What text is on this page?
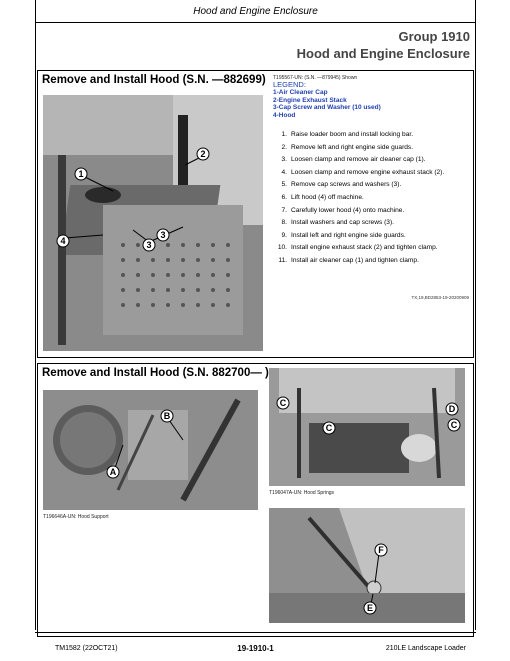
Hood and Engine Enclosure
Group 1910
Hood and Engine Enclosure
Remove and Install Hood (S.N. —882699)
1
2
3
3
4
T195567-UN: (S.N. —879945) Shown
LEGEND:
1-Air Cleaner Cap
2-Engine Exhaust Stack
3-Cap Screw and Washer (10 used)
4-Hood
1. Raise loader boom and install locking bar.
2. Remove left and right engine side guards.
3. Loosen clamp and remove air cleaner cap (1).
4. Loosen clamp and remove engine exhaust stack (2).
5. Remove cap screws and washers (3).
6. Lift hood (4) off machine.
7. Carefully lower hood (4) onto machine.
8. Install washers and cap screws (3).
9. Install left and right engine side guards.
10. Install engine exhaust stack (2) and tighten clamp.
11. Install air cleaner cap (1) and tighten clamp.
TX,19,BD2853-19-20200909
Remove and Install Hood (S.N. 882700— )
A
B
T196646A-UN: Hood Support
C
C
D
C
T196047A-UN: Hood Springs
F
E
TM1582 (22OCT21)	19-1910-1	210LE Landscape Loader
